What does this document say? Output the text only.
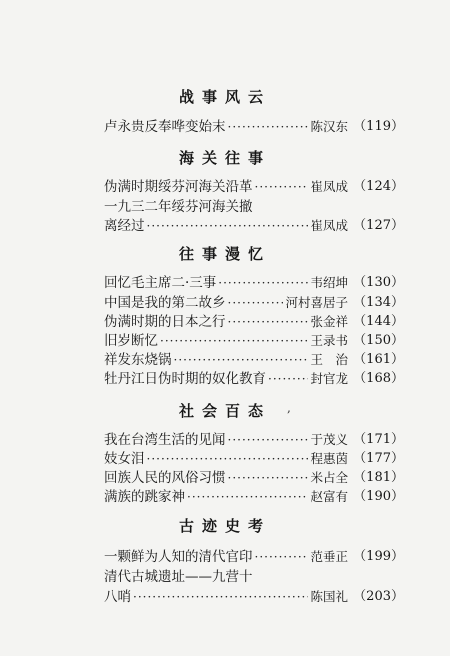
战事风云
卢永贵反奉哗变始末 ·····	陈汉东 （119）
海关往事
伪满时期绥芬河海关沿革 ·····	崔凤成 （124）
一九三二年绥芬河海关撤
离经过 ·····	崔凤成 （127）
往事漫忆
回忆毛主席二·三事 ·····	韦绍坤 （130）
中国是我的第二故乡 ·····	河村喜居子 （134）
伪满时期的日本之行 ·····	张金祥 （144）
旧岁断忆 ·····	王录书 （150）
祥发东烧锅 ·····	王　治 （161）
牡丹江日伪时期的奴化教育 ·····	封官龙 （168）
社会百态	,
我在台湾生活的见闻 ·····	于茂义 （171）
妓女泪 ·····	程惠茵 （177）
回族人民的风俗习惯 ·····	米占全 （181）
满族的跳家神 ·····	赵富有 （190）
古迹史考
一颗鲜为人知的清代官印 ·····	范垂正 （199）
清代古城遗址——九营十
八哨 ·····	陈国礼 （203）
